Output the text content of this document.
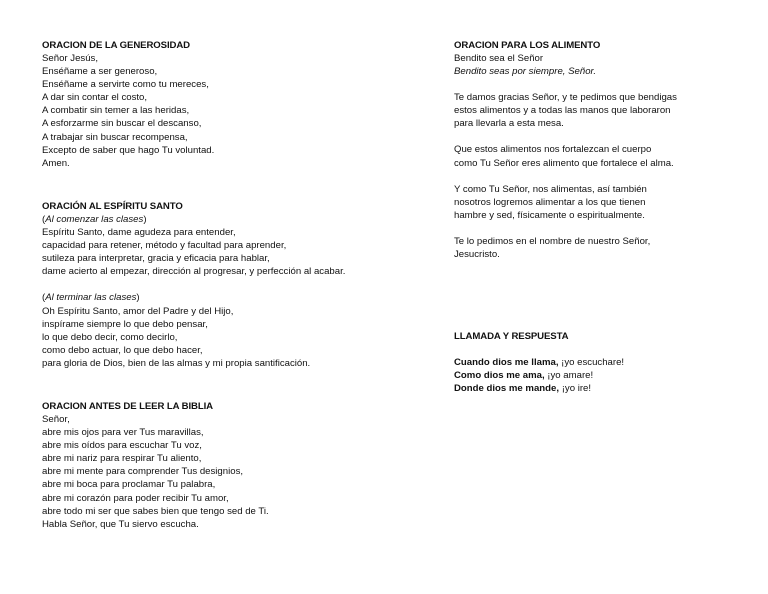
ORACION DE LA GENEROSIDAD

Señor Jesús,

Enséñame a ser generoso,

Enséñame a servirte como tu mereces,

A dar sin contar el costo,

A combatir sin temer a las heridas,

A esforzarme sin buscar el descanso,

A trabajar sin buscar recompensa,

Excepto de saber que hago Tu voluntad.

Amen.

ORACIÓN AL ESPÍRITU SANTO

(Al comenzar las clases)

Espíritu Santo, dame agudeza para entender,

capacidad para retener, método y facultad para aprender,

sutileza para interpretar, gracia y eficacia para hablar,

dame acierto al empezar, dirección al progresar, y perfección al acabar.

(Al terminar las clases)

Oh Espíritu Santo, amor del Padre y del Hijo,

inspírame siempre lo que debo pensar,

lo que debo decir, como decirlo,

como debo actuar, lo que debo hacer,

para gloria de Dios, bien de las almas y mi propia santificación.

ORACION ANTES DE LEER LA BIBLIA

Señor,

abre mis ojos para ver Tus maravillas,

abre mis oídos para escuchar Tu voz,

abre mi nariz para respirar Tu aliento,

abre mi mente para comprender Tus designios,

abre mi boca para proclamar Tu palabra,

abre mi corazón para poder recibir Tu amor,

abre todo mi ser que sabes bien que tengo sed de Ti.

Habla Señor, que Tu siervo escucha.

ORACION PARA LOS ALIMENTO

Bendito sea el Señor

Bendito seas por siempre, Señor.

Te damos gracias Señor, y te pedimos que bendigas

estos alimentos y a todas las manos que laboraron

para llevarla a esta mesa.

Que estos alimentos nos fortalezcan el cuerpo

como Tu Señor eres alimento que fortalece el alma.

Y como Tu Señor, nos alimentas, así también

nosotros logremos alimentar a los que tienen

hambre y sed, físicamente o espiritualmente.

Te lo pedimos en el nombre de nuestro Señor,

Jesucristo.

LLAMADA Y RESPUESTA

Cuando dios me llama, ¡yo escuchare!

Como dios me ama, ¡yo amare!

Donde dios me mande, ¡yo ire!
